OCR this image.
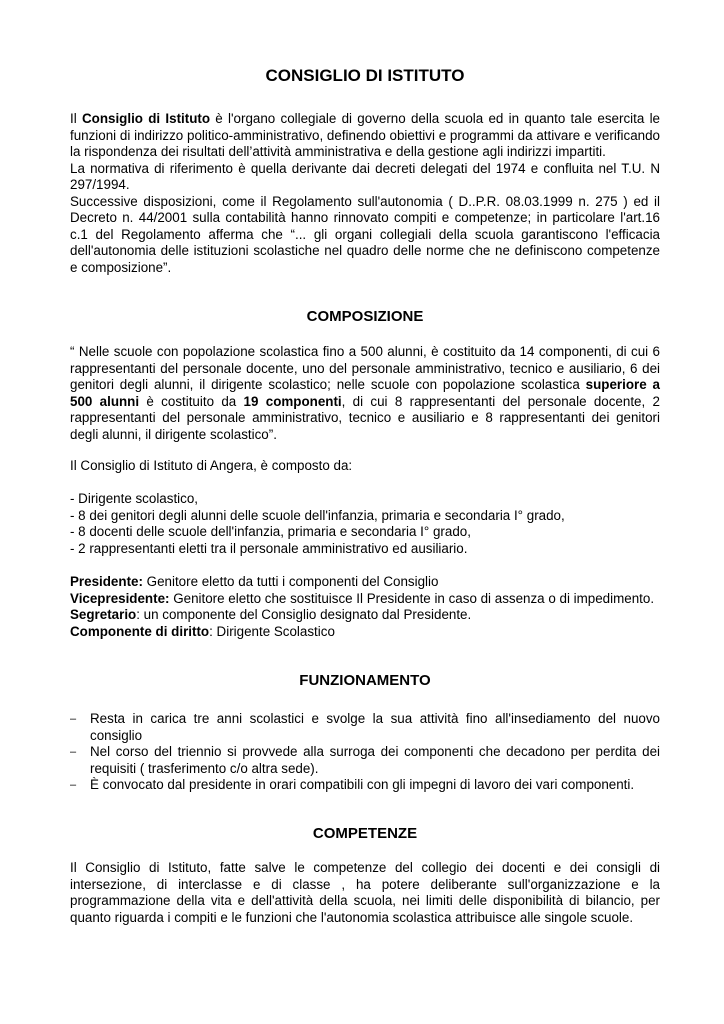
CONSIGLIO DI ISTITUTO

Il Consiglio di Istituto è l'organo collegiale di governo della scuola ed in quanto tale esercita le funzioni di indirizzo politico-amministrativo, definendo obiettivi e programmi da attivare e verificando la rispondenza dei risultati dell’attività amministrativa e della gestione agli indirizzi impartiti.

La normativa di riferimento è quella derivante dai decreti delegati del 1974 e confluita nel T.U. N 297/1994.

Successive disposizioni, come il Regolamento sull'autonomia ( D..P.R. 08.03.1999 n. 275 ) ed il Decreto n. 44/2001 sulla contabilità hanno rinnovato compiti e competenze; in particolare l'art.16 c.1 del Regolamento afferma che “... gli organi collegiali della scuola garantiscono l'efficacia dell'autonomia delle istituzioni scolastiche nel quadro delle norme che ne definiscono competenze e composizione”.

COMPOSIZIONE

“ Nelle scuole con popolazione scolastica fino a 500 alunni, è costituito da 14 componenti, di cui 6 rappresentanti del personale docente, uno del personale amministrativo, tecnico e ausiliario, 6 dei genitori degli alunni, il dirigente scolastico; nelle scuole con popolazione scolastica superiore a 500 alunni è costituito da 19 componenti, di cui 8 rappresentanti del personale docente, 2 rappresentanti del personale amministrativo, tecnico e ausiliario e 8 rappresentanti dei genitori degli alunni, il dirigente scolastico”.

Il Consiglio di Istituto di Angera, è composto da:
- Dirigente scolastico,
- 8 dei genitori degli alunni delle scuole dell'infanzia, primaria e secondaria I° grado,
- 8 docenti delle scuole dell'infanzia, primaria e secondaria I° grado,
- 2 rappresentanti eletti tra il personale amministrativo ed ausiliario.

Presidente: Genitore eletto da tutti i componenti del Consiglio

Vicepresidente: Genitore eletto che sostituisce Il Presidente in caso di assenza o di impedimento.

Segretario: un componente del Consiglio designato dal Presidente.

Componente di diritto: Dirigente Scolastico

FUNZIONAMENTO
– Resta in carica tre anni scolastici e svolge la sua attività fino all'insediamento del nuovo consiglio
– Nel corso del triennio si provvede alla surroga dei componenti che decadono per perdita dei requisiti ( trasferimento c/o altra sede).
– È convocato dal presidente in orari compatibili con gli impegni di lavoro dei vari componenti.
COMPETENZE
Il Consiglio di Istituto, fatte salve le competenze del collegio dei docenti e dei consigli di intersezione, di interclasse e di classe , ha potere deliberante sull'organizzazione e la programmazione della vita e dell'attività della scuola, nei limiti delle disponibilità di bilancio, per quanto riguarda i compiti e le funzioni che l'autonomia scolastica attribuisce alle singole scuole.
